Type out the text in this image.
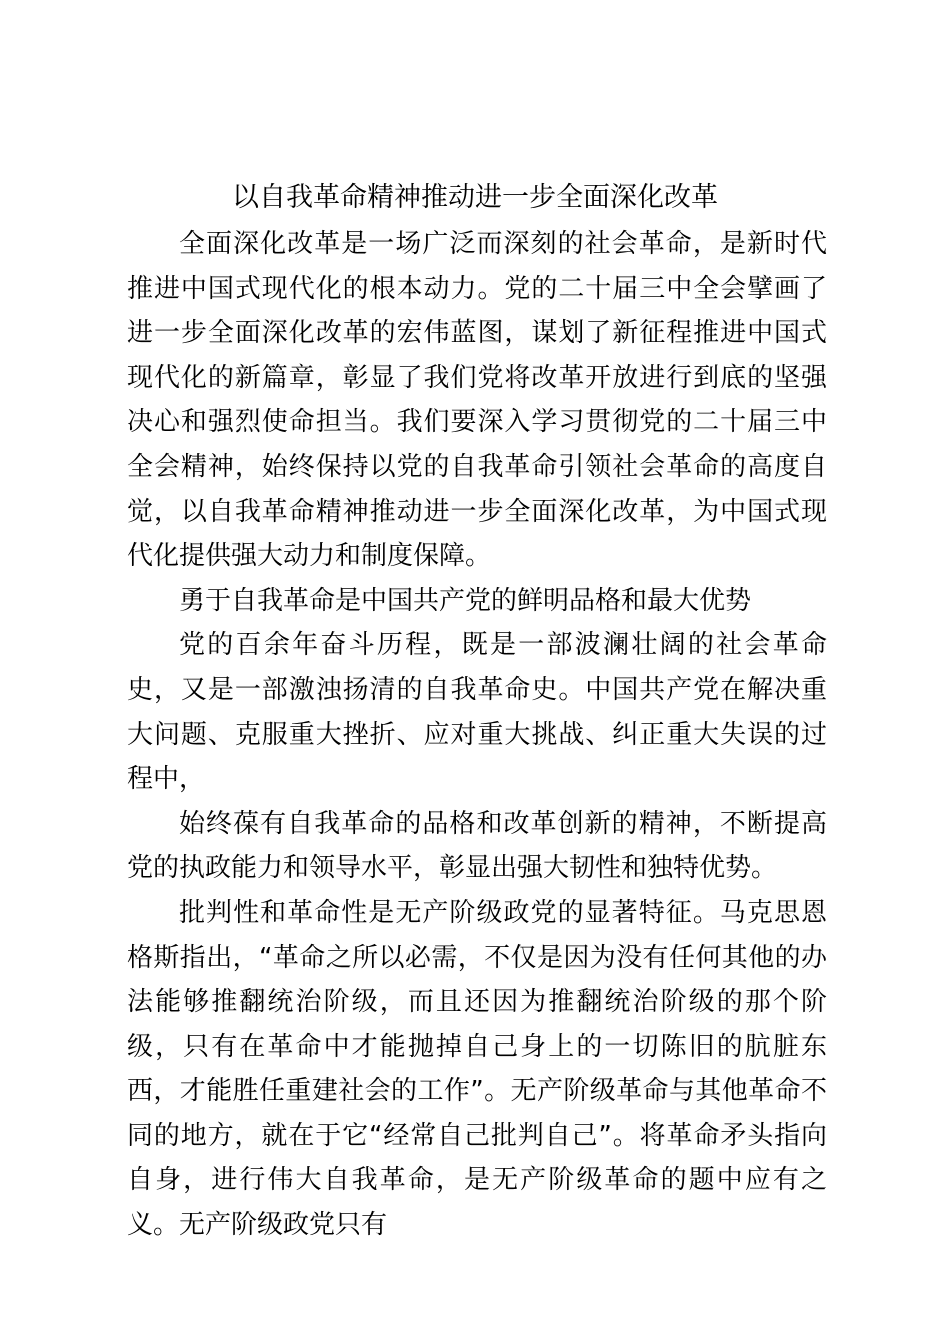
以自我革命精神推动进一步全面深化改革

全面深化改革是一场广泛而深刻的社会革命，是新时代推进中国式现代化的根本动力。党的二十届三中全会擘画了进一步全面深化改革的宏伟蓝图，谋划了新征程推进中国式现代化的新篇章，彰显了我们党将改革开放进行到底的坚强决心和强烈使命担当。我们要深入学习贯彻党的二十届三中全会精神，始终保持以党的自我革命引领社会革命的高度自觉，以自我革命精神推动进一步全面深化改革，为中国式现代化提供强大动力和制度保障。

勇于自我革命是中国共产党的鲜明品格和最大优势

党的百余年奋斗历程，既是一部波澜壮阔的社会革命史，又是一部激浊扬清的自我革命史。中国共产党在解决重大问题、克服重大挫折、应对重大挑战、纠正重大失误的过程中，

始终葆有自我革命的品格和改革创新的精神，不断提高党的执政能力和领导水平，彰显出强大韧性和独特优势。

批判性和革命性是无产阶级政党的显著特征。马克思恩格斯指出，“革命之所以必需，不仅是因为没有任何其他的办法能够推翻统治阶级，而且还因为推翻统治阶级的那个阶级，只有在革命中才能抛掉自己身上的一切陈旧的肮脏东西，才能胜任重建社会的工作”。无产阶级革命与其他革命不同的地方，就在于它“经常自己批判自己”。将革命矛头指向自身，进行伟大自我革命，是无产阶级革命的题中应有之义。无产阶级政党只有
